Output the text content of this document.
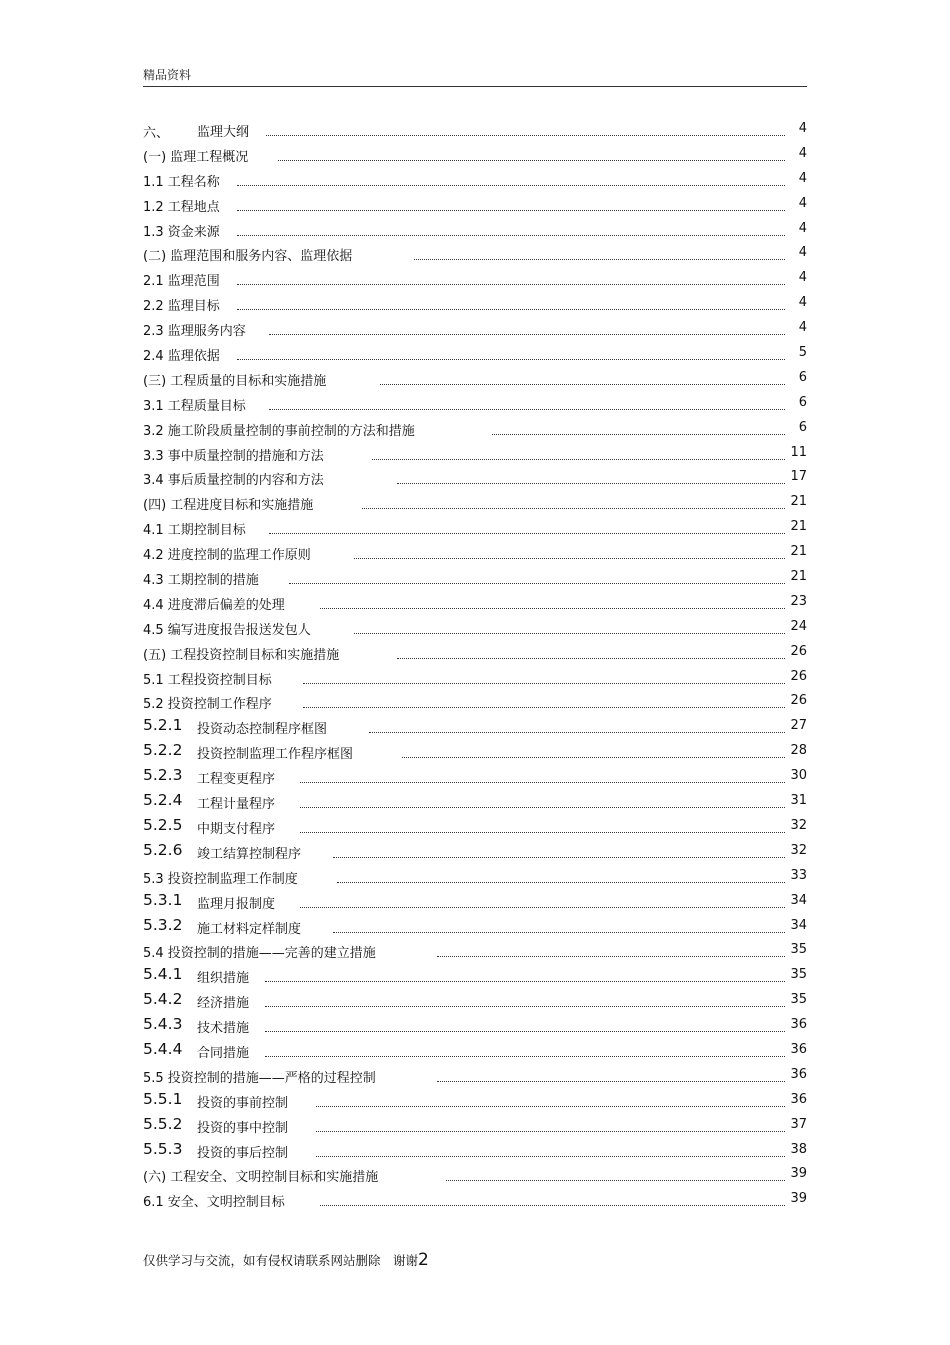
精品资料
六、 监理大纲	4
(一) 监理工程概况	4
1.1 工程名称	4
1.2 工程地点	4
1.3 资金来源	4
(二) 监理范围和服务内容、监理依据	4
2.1 监理范围	4
2.2 监理目标	4
2.3 监理服务内容	4
2.4 监理依据	5
(三) 工程质量的目标和实施措施	6
3.1 工程质量目标	6
3.2 施工阶段质量控制的事前控制的方法和措施	6
3.3 事中质量控制的措施和方法	11
3.4 事后质量控制的内容和方法	17
(四) 工程进度目标和实施措施	21
4.1 工期控制目标	21
4.2 进度控制的监理工作原则	21
4.3 工期控制的措施	21
4.4 进度滞后偏差的处理	23
4.5 编写进度报告报送发包人	24
(五) 工程投资控制目标和实施措施	26
5.1 工程投资控制目标	26
5.2 投资控制工作程序	26
5.2.1 投资动态控制程序框图	27
5.2.2 投资控制监理工作程序框图	28
5.2.3 工程变更程序	30
5.2.4 工程计量程序	31
5.2.5 中期支付程序	32
5.2.6 竣工结算控制程序	32
5.3 投资控制监理工作制度	33
5.3.1 监理月报制度	34
5.3.2 施工材料定样制度	34
5.4 投资控制的措施——完善的建立措施	35
5.4.1 组织措施	35
5.4.2 经济措施	35
5.4.3 技术措施	36
5.4.4 合同措施	36
5.5 投资控制的措施——严格的过程控制	36
5.5.1 投资的事前控制	36
5.5.2 投资的事中控制	37
5.5.3 投资的事后控制	38
(六) 工程安全、文明控制目标和实施措施	39
6.1 安全、文明控制目标	39
仅供学习与交流，如有侵权请联系网站删除　谢谢2
